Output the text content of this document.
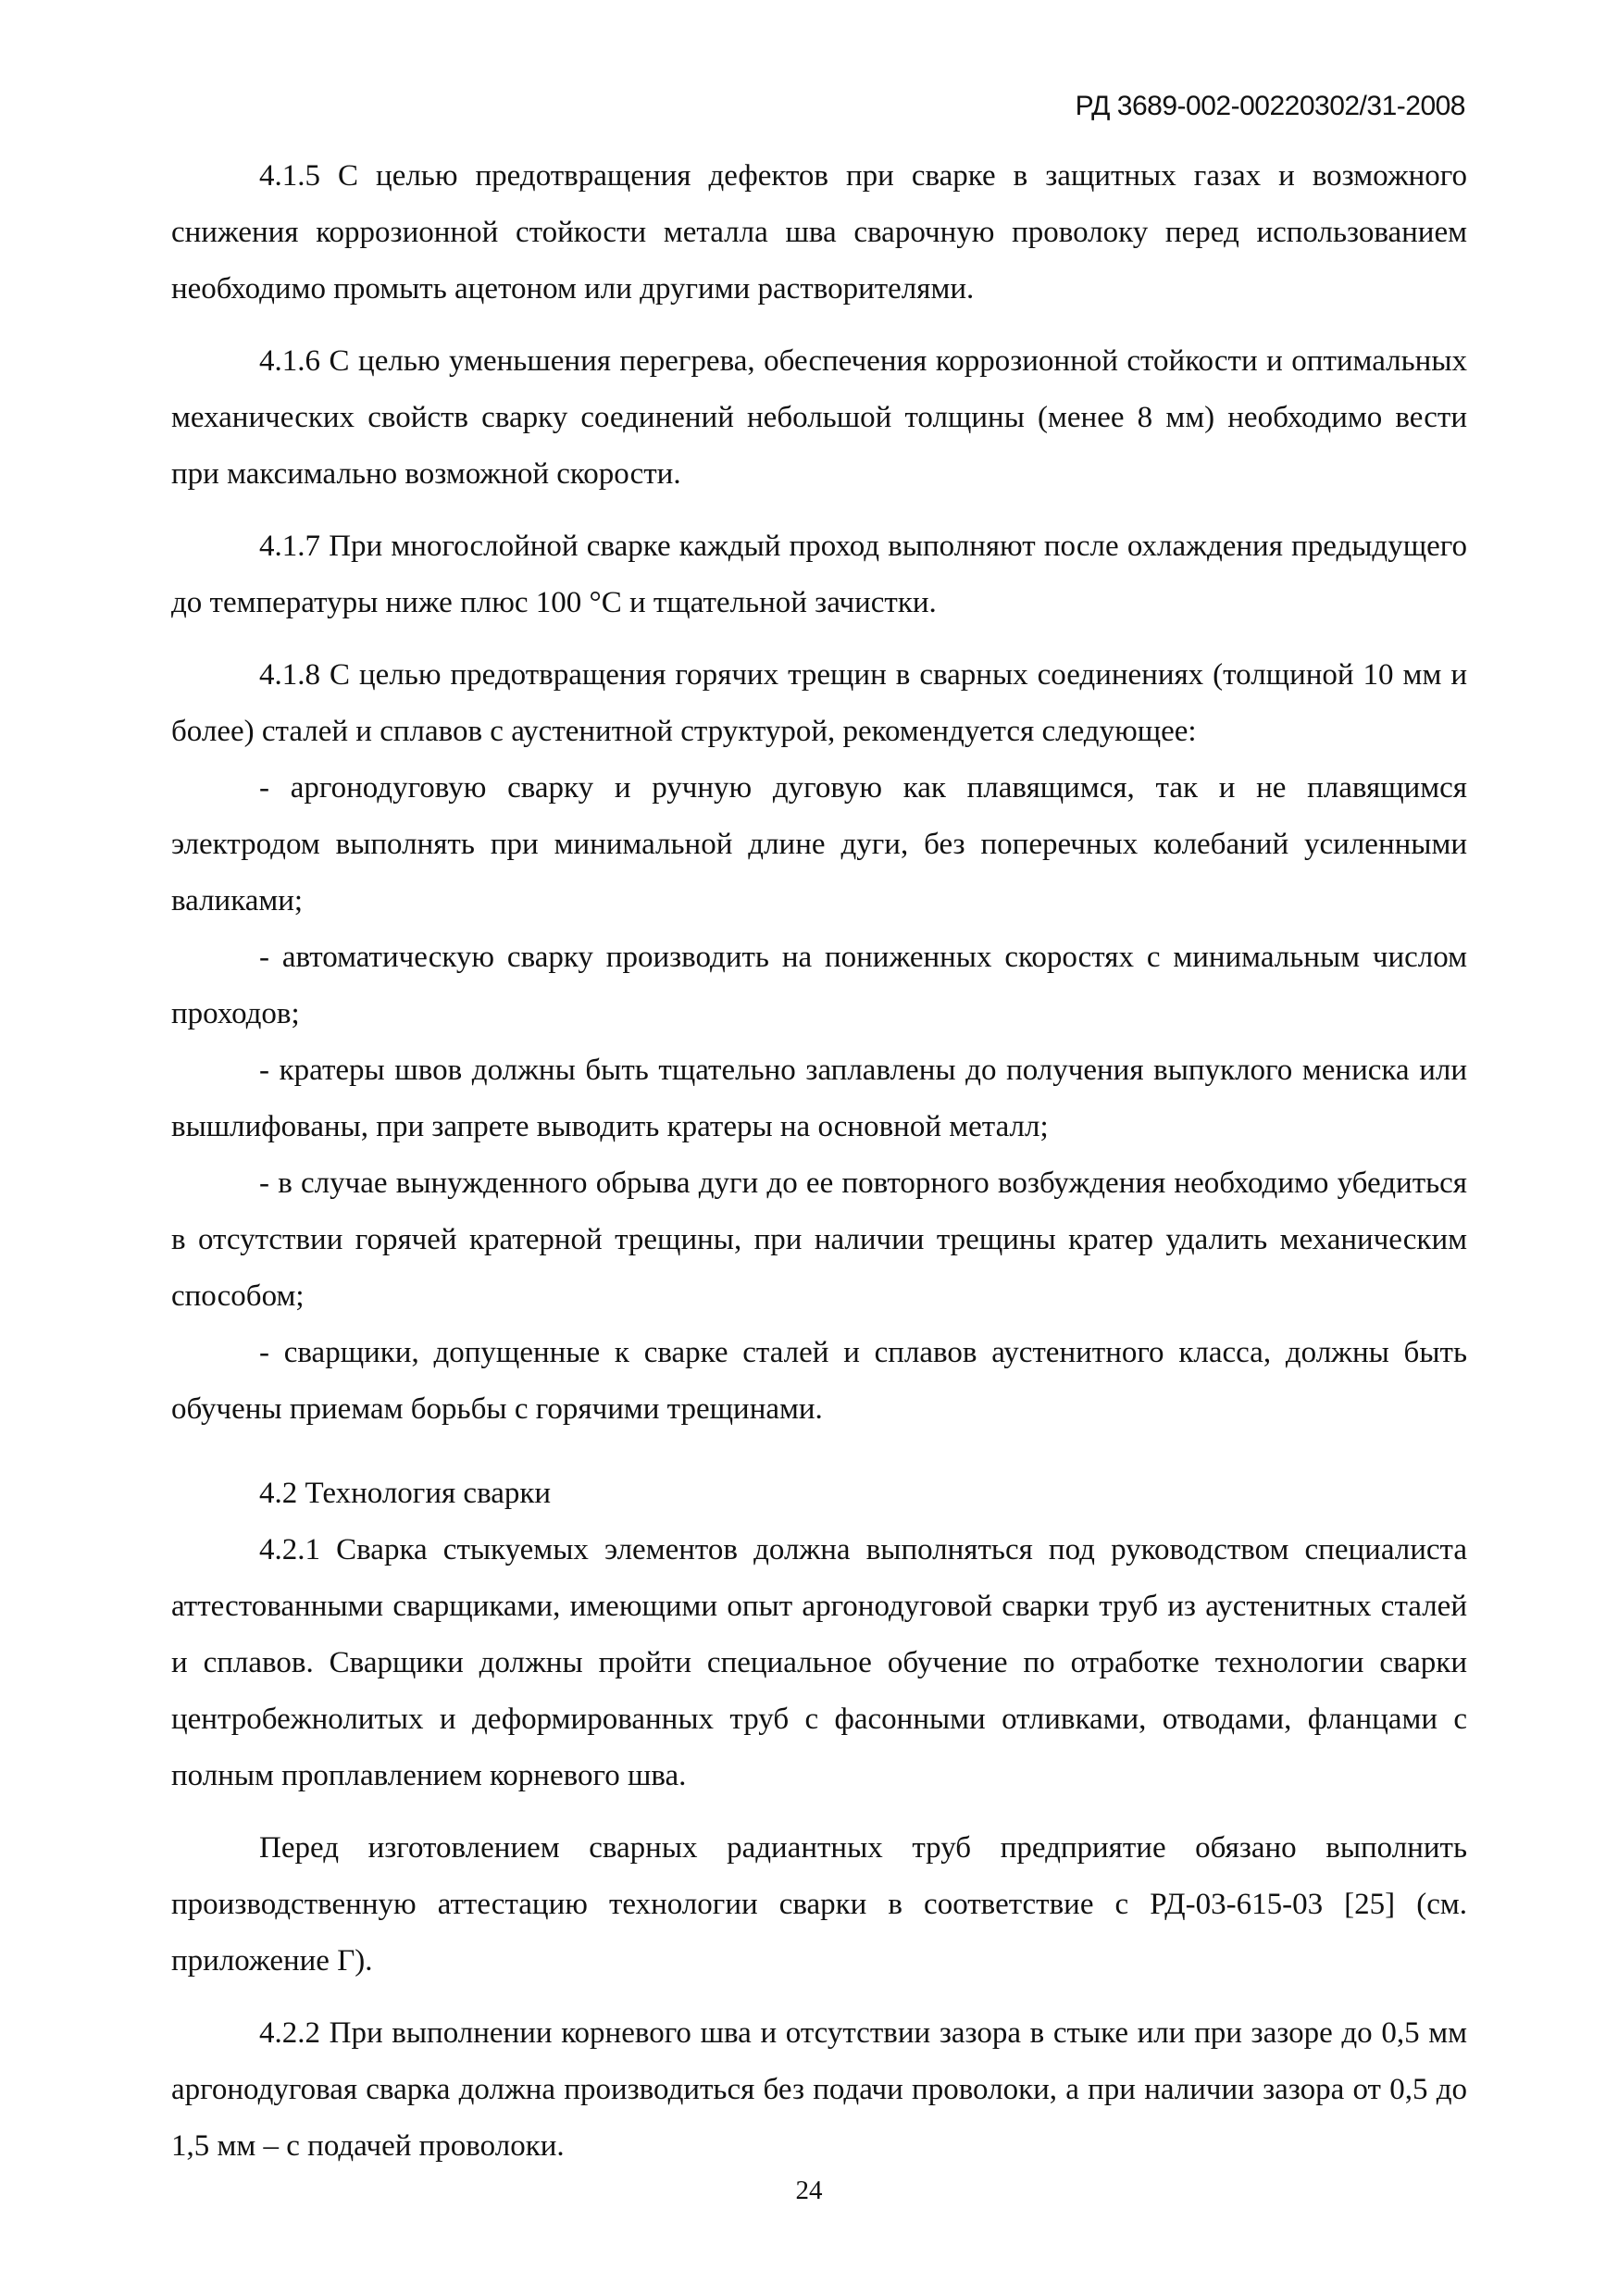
РД 3689-002-00220302/31-2008

4.1.5 С целью предотвращения дефектов при сварке в защитных газах и возможного снижения коррозионной стойкости металла шва сварочную проволоку перед использованием необходимо промыть ацетоном или другими растворителями.

4.1.6 С целью уменьшения перегрева, обеспечения коррозионной стойкости и оптимальных механических свойств сварку соединений небольшой толщины (менее 8 мм) необходимо вести при максимально возможной скорости.

4.1.7 При многослойной сварке каждый проход выполняют после охлаждения предыдущего до температуры ниже плюс 100 °С и тщательной зачистки.

4.1.8 С целью предотвращения горячих трещин в сварных соединениях (толщиной 10 мм и более) сталей и сплавов с аустенитной структурой, рекомендуется следующее:

- аргонодуговую сварку и ручную дуговую как плавящимся, так и не плавящимся электродом выполнять при минимальной длине дуги, без поперечных колебаний усиленными валиками;

- автоматическую сварку производить на пониженных скоростях с минимальным числом проходов;

- кратеры швов должны быть тщательно заплавлены до получения выпуклого мениска или вышлифованы, при запрете выводить кратеры на основной металл;

- в случае вынужденного обрыва дуги до ее повторного возбуждения необходимо убедиться в отсутствии горячей кратерной трещины, при наличии трещины кратер удалить механическим способом;

- сварщики, допущенные к сварке сталей и сплавов аустенитного класса, должны быть обучены приемам борьбы с горячими трещинами.

4.2 Технология сварки

4.2.1 Сварка стыкуемых элементов должна выполняться под руководством специалиста аттестованными сварщиками, имеющими опыт аргонодуговой сварки труб из аустенитных сталей и сплавов. Сварщики должны пройти специальное обучение по отработке технологии сварки центробежнолитых и деформированных труб с фасонными отливками, отводами, фланцами с полным проплавлением корневого шва.

Перед изготовлением сварных радиантных труб предприятие обязано выполнить производственную аттестацию технологии сварки в соответствие с РД-03-615-03 [25] (см. приложение Г).

4.2.2 При выполнении корневого шва и отсутствии зазора в стыке или при зазоре до 0,5 мм аргонодуговая сварка должна производиться без подачи проволоки, а при наличии зазора от 0,5 до 1,5 мм – с подачей проволоки.

24
